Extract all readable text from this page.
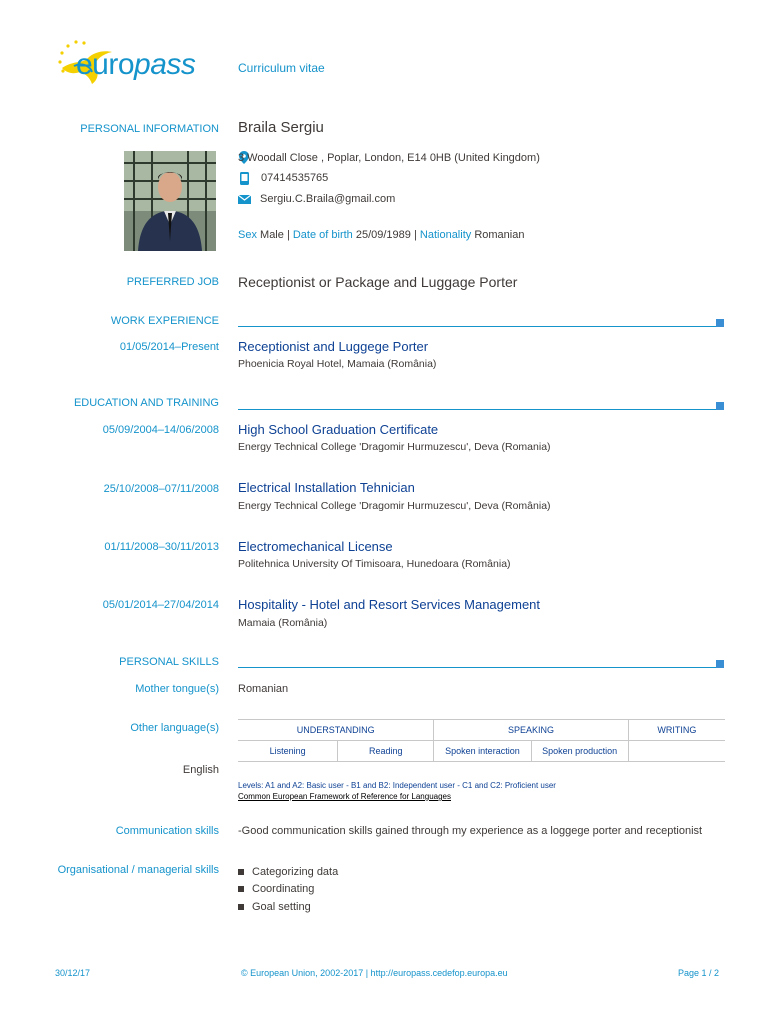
europass	Curriculum vitae
PERSONAL INFORMATION Braila Sergiu
3 Woodall Close , Poplar, London, E14 0HB (United Kingdom)
07414535765
Sergiu.C.Braila@gmail.com
Sex Male | Date of birth 25/09/1989 | Nationality Romanian
PREFERRED JOB Receptionist or Package and Luggage Porter
WORK EXPERIENCE
01/05/2014–Present Receptionist and Luggege Porter
Phoenicia Royal Hotel, Mamaia (România)
EDUCATION AND TRAINING
05/09/2004–14/06/2008 High School Graduation Certificate
Energy Technical College 'Dragomir Hurmuzescu', Deva (Romania)
25/10/2008–07/11/2008 Electrical Installation Tehnician
Energy Technical College 'Dragomir Hurmuzescu', Deva (România)
01/11/2008–30/11/2013 Electromechanical License
Politehnica University Of Timisoara, Hunedoara (România)
05/01/2014–27/04/2014 Hospitality - Hotel and Resort Services Management
Mamaia (România)
PERSONAL SKILLS
Mother tongue(s) Romanian
Other language(s)	UNDERSTANDING		SPEAKING		WRITING
Listening	Reading	Spoken interaction	Spoken production	
English
Levels: A1 and A2: Basic user - B1 and B2: Independent user - C1 and C2: Proficient user
Common European Framework of Reference for Languages
Communication skills -Good communication skills gained through my experience as a loggege porter and receptionist
Organisational / managerial skills	Categorizing data
Coordinating
Goal setting
30/12/17	© European Union, 2002-2017 | http://europass.cedefop.europa.eu	Page 1 / 2
